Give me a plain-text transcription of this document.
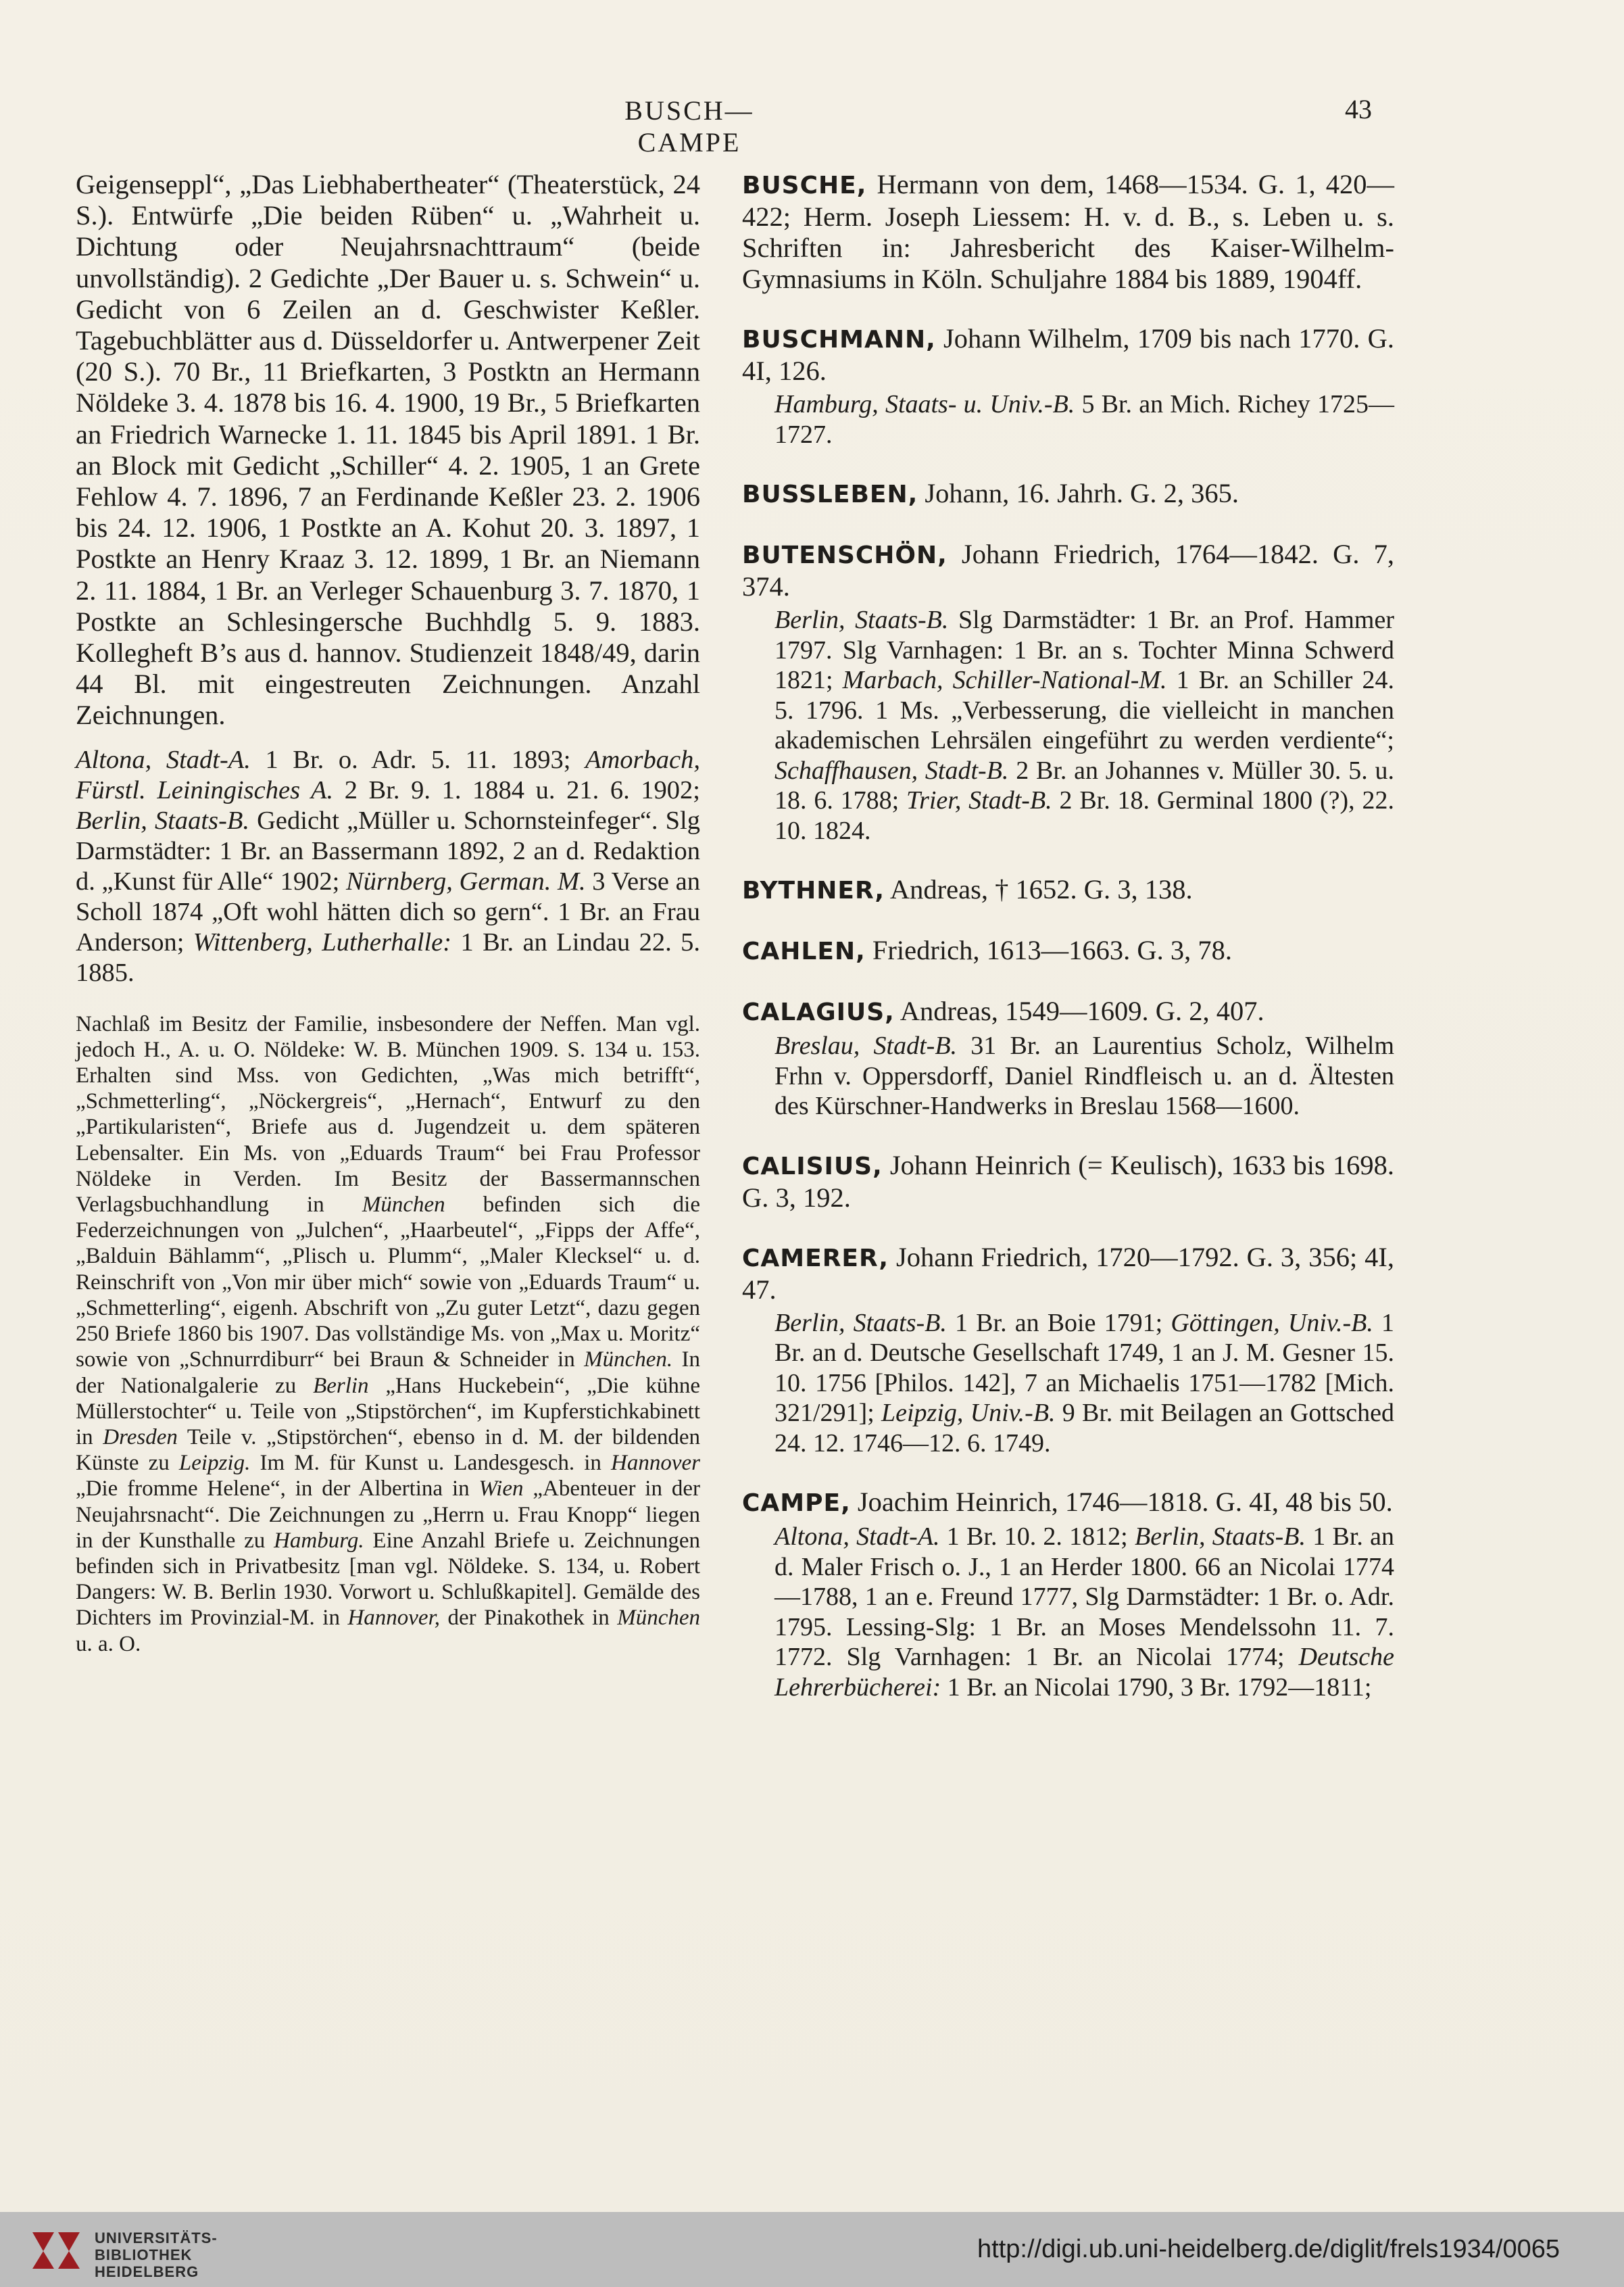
BUSCH—CAMPE
43

Geigenseppl“, „Das Liebhabertheater“ (Theaterstück, 24 S.). Entwürfe „Die beiden Rüben“ u. „Wahrheit u. Dichtung oder Neujahrsnachttraum“ (beide unvollständig). 2 Gedichte „Der Bauer u. s. Schwein“ u. Gedicht von 6 Zeilen an d. Geschwister Keßler. Tagebuchblätter aus d. Düsseldorfer u. Antwerpener Zeit (20 S.). 70 Br., 11 Briefkarten, 3 Postktn an Hermann Nöldeke 3. 4. 1878 bis 16. 4. 1900, 19 Br., 5 Briefkarten an Friedrich Warnecke 1. 11. 1845 bis April 1891. 1 Br. an Block mit Gedicht „Schiller“ 4. 2. 1905, 1 an Grete Fehlow 4. 7. 1896, 7 an Ferdinande Keßler 23. 2. 1906 bis 24. 12. 1906, 1 Postkte an A. Kohut 20. 3. 1897, 1 Postkte an Henry Kraaz 3. 12. 1899, 1 Br. an Niemann 2. 11. 1884, 1 Br. an Verleger Schauenburg 3. 7. 1870, 1 Postkte an Schlesingersche Buchhdlg 5. 9. 1883. Kollegheft B’s aus d. hannov. Studienzeit 1848/49, darin 44 Bl. mit eingestreuten Zeichnungen. Anzahl Zeichnungen.

Altona, Stadt-A. 1 Br. o. Adr. 5. 11. 1893; Amorbach, Fürstl. Leiningisches A. 2 Br. 9. 1. 1884 u. 21. 6. 1902; Berlin, Staats-B. Gedicht „Müller u. Schornsteinfeger“. Slg Darmstädter: 1 Br. an Bassermann 1892, 2 an d. Redaktion d. „Kunst für Alle“ 1902; Nürnberg, German. M. 3 Verse an Scholl 1874 „Oft wohl hätten dich so gern“. 1 Br. an Frau Anderson; Wittenberg, Lutherhalle: 1 Br. an Lindau 22. 5. 1885.

Nachlaß im Besitz der Familie, insbesondere der Neffen. Man vgl. jedoch H., A. u. O. Nöldeke: W. B. München 1909. S. 134 u. 153. Erhalten sind Mss. von Gedichten, „Was mich betrifft“, „Schmetterling“, „Nöckergreis“, „Hernach“, Entwurf zu den „Partikularisten“, Briefe aus d. Jugendzeit u. dem späteren Lebensalter. Ein Ms. von „Eduards Traum“ bei Frau Professor Nöldeke in Verden. Im Besitz der Bassermannschen Verlagsbuchhandlung in München befinden sich die Federzeichnungen von „Julchen“, „Haarbeutel“, „Fipps der Affe“, „Balduin Bählamm“, „Plisch u. Plumm“, „Maler Klecksel“ u. d. Reinschrift von „Von mir über mich“ sowie von „Eduards Traum“ u. „Schmetterling“, eigenh. Abschrift von „Zu guter Letzt“, dazu gegen 250 Briefe 1860 bis 1907. Das vollständige Ms. von „Max u. Moritz“ sowie von „Schnurrdiburr“ bei Braun & Schneider in München. In der Nationalgalerie zu Berlin „Hans Huckebein“, „Die kühne Müllerstochter“ u. Teile von „Stipstörchen“, im Kupferstichkabinett in Dresden Teile v. „Stipstörchen“, ebenso in d. M. der bildenden Künste zu Leipzig. Im M. für Kunst u. Landesgesch. in Hannover „Die fromme Helene“, in der Albertina in Wien „Abenteuer in der Neujahrsnacht“. Die Zeichnungen zu „Herrn u. Frau Knopp“ liegen in der Kunsthalle zu Hamburg. Eine Anzahl Briefe u. Zeichnungen befinden sich in Privatbesitz [man vgl. Nöldeke. S. 134, u. Robert Dangers: W. B. Berlin 1930. Vorwort u. Schlußkapitel]. Gemälde des Dichters im Provinzial-M. in Hannover, der Pinakothek in München u. a. O.

BUSCHE, Hermann von dem, 1468—1534. G. 1, 420—422; Herm. Joseph Liessem: H. v. d. B., s. Leben u. s. Schriften in: Jahresbericht des Kaiser-Wilhelm-Gymnasiums in Köln. Schuljahre 1884 bis 1889, 1904ff.
BUSCHMANN, Johann Wilhelm, 1709 bis nach 1770. G. 4I, 126.
Hamburg, Staats- u. Univ.-B. 5 Br. an Mich. Richey 1725—1727.
BUSSLEBEN, Johann, 16. Jahrh. G. 2, 365.
BUTENSCHÖN, Johann Friedrich, 1764—1842. G. 7, 374.
Berlin, Staats-B. Slg Darmstädter: 1 Br. an Prof. Hammer 1797. Slg Varnhagen: 1 Br. an s. Tochter Minna Schwerd 1821; Marbach, Schiller-National-M. 1 Br. an Schiller 24. 5. 1796. 1 Ms. „Verbesserung, die vielleicht in manchen akademischen Lehrsälen eingeführt zu werden verdiente“; Schaffhausen, Stadt-B. 2 Br. an Johannes v. Müller 30. 5. u. 18. 6. 1788; Trier, Stadt-B. 2 Br. 18. Germinal 1800 (?), 22. 10. 1824.
BYTHNER, Andreas, † 1652. G. 3, 138.
CAHLEN, Friedrich, 1613—1663. G. 3, 78.
CALAGIUS, Andreas, 1549—1609. G. 2, 407.
Breslau, Stadt-B. 31 Br. an Laurentius Scholz, Wilhelm Frhn v. Oppersdorff, Daniel Rindfleisch u. an d. Ältesten des Kürschner-Handwerks in Breslau 1568—1600.
CALISIUS, Johann Heinrich (= Keulisch), 1633 bis 1698. G. 3, 192.
CAMERER, Johann Friedrich, 1720—1792. G. 3, 356; 4I, 47.
Berlin, Staats-B. 1 Br. an Boie 1791; Göttingen, Univ.-B. 1 Br. an d. Deutsche Gesellschaft 1749, 1 an J. M. Gesner 15. 10. 1756 [Philos. 142], 7 an Michaelis 1751—1782 [Mich. 321/291]; Leipzig, Univ.-B. 9 Br. mit Beilagen an Gottsched 24. 12. 1746—12. 6. 1749.
CAMPE, Joachim Heinrich, 1746—1818. G. 4I, 48 bis 50.
Altona, Stadt-A. 1 Br. 10. 2. 1812; Berlin, Staats-B. 1 Br. an d. Maler Frisch o. J., 1 an Herder 1800. 66 an Nicolai 1774—1788, 1 an e. Freund 1777, Slg Darmstädter: 1 Br. o. Adr. 1795. Lessing-Slg: 1 Br. an Moses Mendelssohn 11. 7. 1772. Slg Varnhagen: 1 Br. an Nicolai 1774; Deutsche Lehrerbücherei: 1 Br. an Nicolai 1790, 3 Br. 1792—1811;
UNIVERSITÄTS-
BIBLIOTHEK
HEIDELBERG
http://digi.ub.uni-heidelberg.de/diglit/frels1934/0065
